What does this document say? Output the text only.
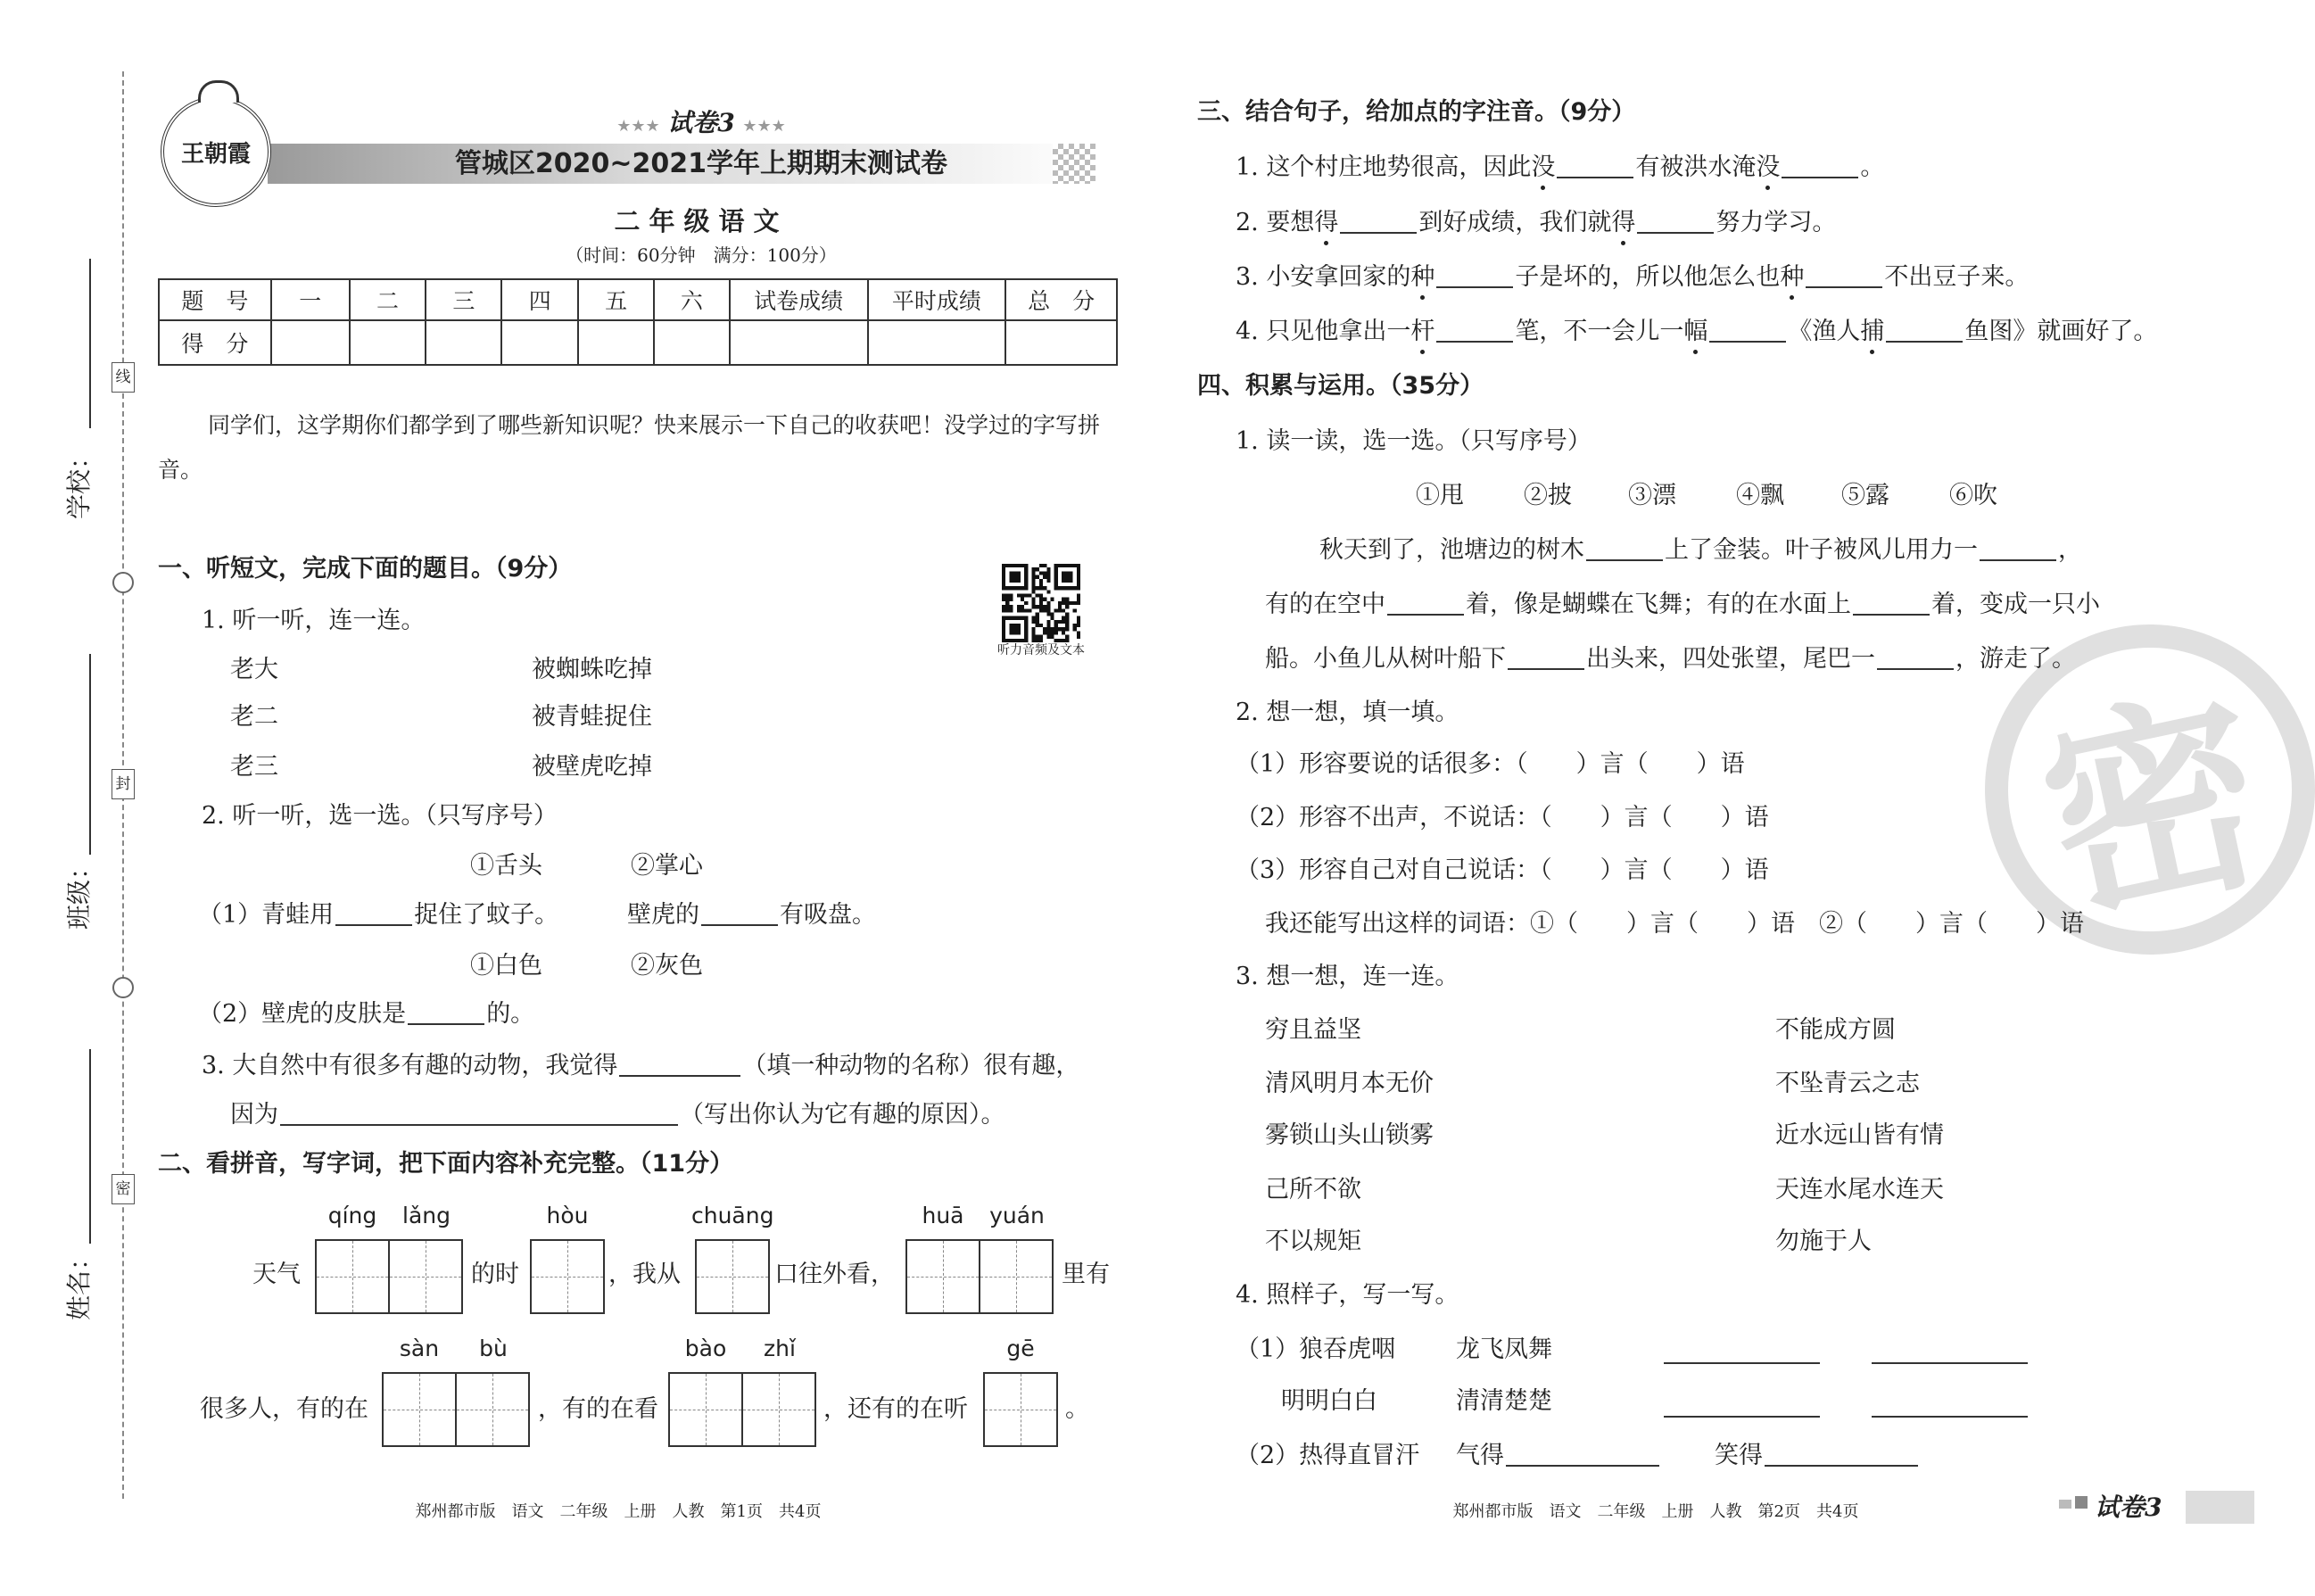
线
封
密
学校：
班级：
姓名：
王朝霞
★★★ 试卷3 ★★★
管城区2020~2021学年上期期末测试卷
二年级语文
（时间：60分钟　满分：100分）
题　号	一	二	三	四	五	六	试卷成绩	平时成绩	总　分
得　分									
同学们，这学期你们都学到了哪些新知识呢？快来展示一下自己的收获吧！没学过的字写拼音。
听力音频及文本
一、听短文，完成下面的题目。（9分）
1. 听一听，连一连。
老大	被蜘蛛吃掉
老二	被青蛙捉住
老三	被壁虎吃掉
2. 听一听，选一选。（只写序号）
①舌头	②掌心
（1）青蛙用	捉住了蚊子。	壁虎的	有吸盘。
①白色	②灰色
（2）壁虎的皮肤是	的。
3. 大自然中有很多有趣的动物，我觉得	（填一种动物的名称）很有趣，
因为	（写出你认为它有趣的原因）。
二、看拼音，写字词，把下面内容补充完整。（11分）
天气
qíng lǎng
的时
hòu
，我从
chuāng
口往外看，
huā yuán
里有
很多人，有的在
sàn bù
，有的在看
bào zhǐ
，还有的在听
gē
。
郑州都市版　语文　二年级　上册　人教　第1页　共4页
密
三、结合句子，给加点的字注音。（9分）
1. 这个村庄地势很高，因此没	有被洪水淹没	。
2. 要想得	到好成绩，我们就得	努力学习。
3. 小安拿回家的种	子是坏的，所以他怎么也种	不出豆子来。
4. 只见他拿出一杆	笔，不一会儿一幅	《渔人捕	鱼图》就画好了。
四、积累与运用。（35分）
1. 读一读，选一选。（只写序号）
①甩 ②披 ③漂 ④飘 ⑤露 ⑥吹
秋天到了，池塘边的树木	上了金装。叶子被风儿用力一	，
有的在空中	着，像是蝴蝶在飞舞；有的在水面上	着，变成一只小
船。小鱼儿从树叶船下	出头来，四处张望，尾巴一	，游走了。
2. 想一想，填一填。
（1）形容要说的话很多：（　　）言（　　）语
（2）形容不出声，不说话：（　　）言（　　）语
（3）形容自己对自己说话：（　　）言（　　）语
我还能写出这样的词语：①（　　）言（　　）语　②（　　）言（　　）语
3. 想一想，连一连。
穷且益坚	不能成方圆
清风明月本无价	不坠青云之志
雾锁山头山锁雾	近水远山皆有情
己所不欲	天连水尾水连天
不以规矩	勿施于人
4. 照样子，写一写。
（1）狼吞虎咽	龙飞凤舞
明明白白	清清楚楚
（2）热得直冒汗 气得	笑得
郑州都市版　语文　二年级　上册　人教　第2页　共4页	试卷3
